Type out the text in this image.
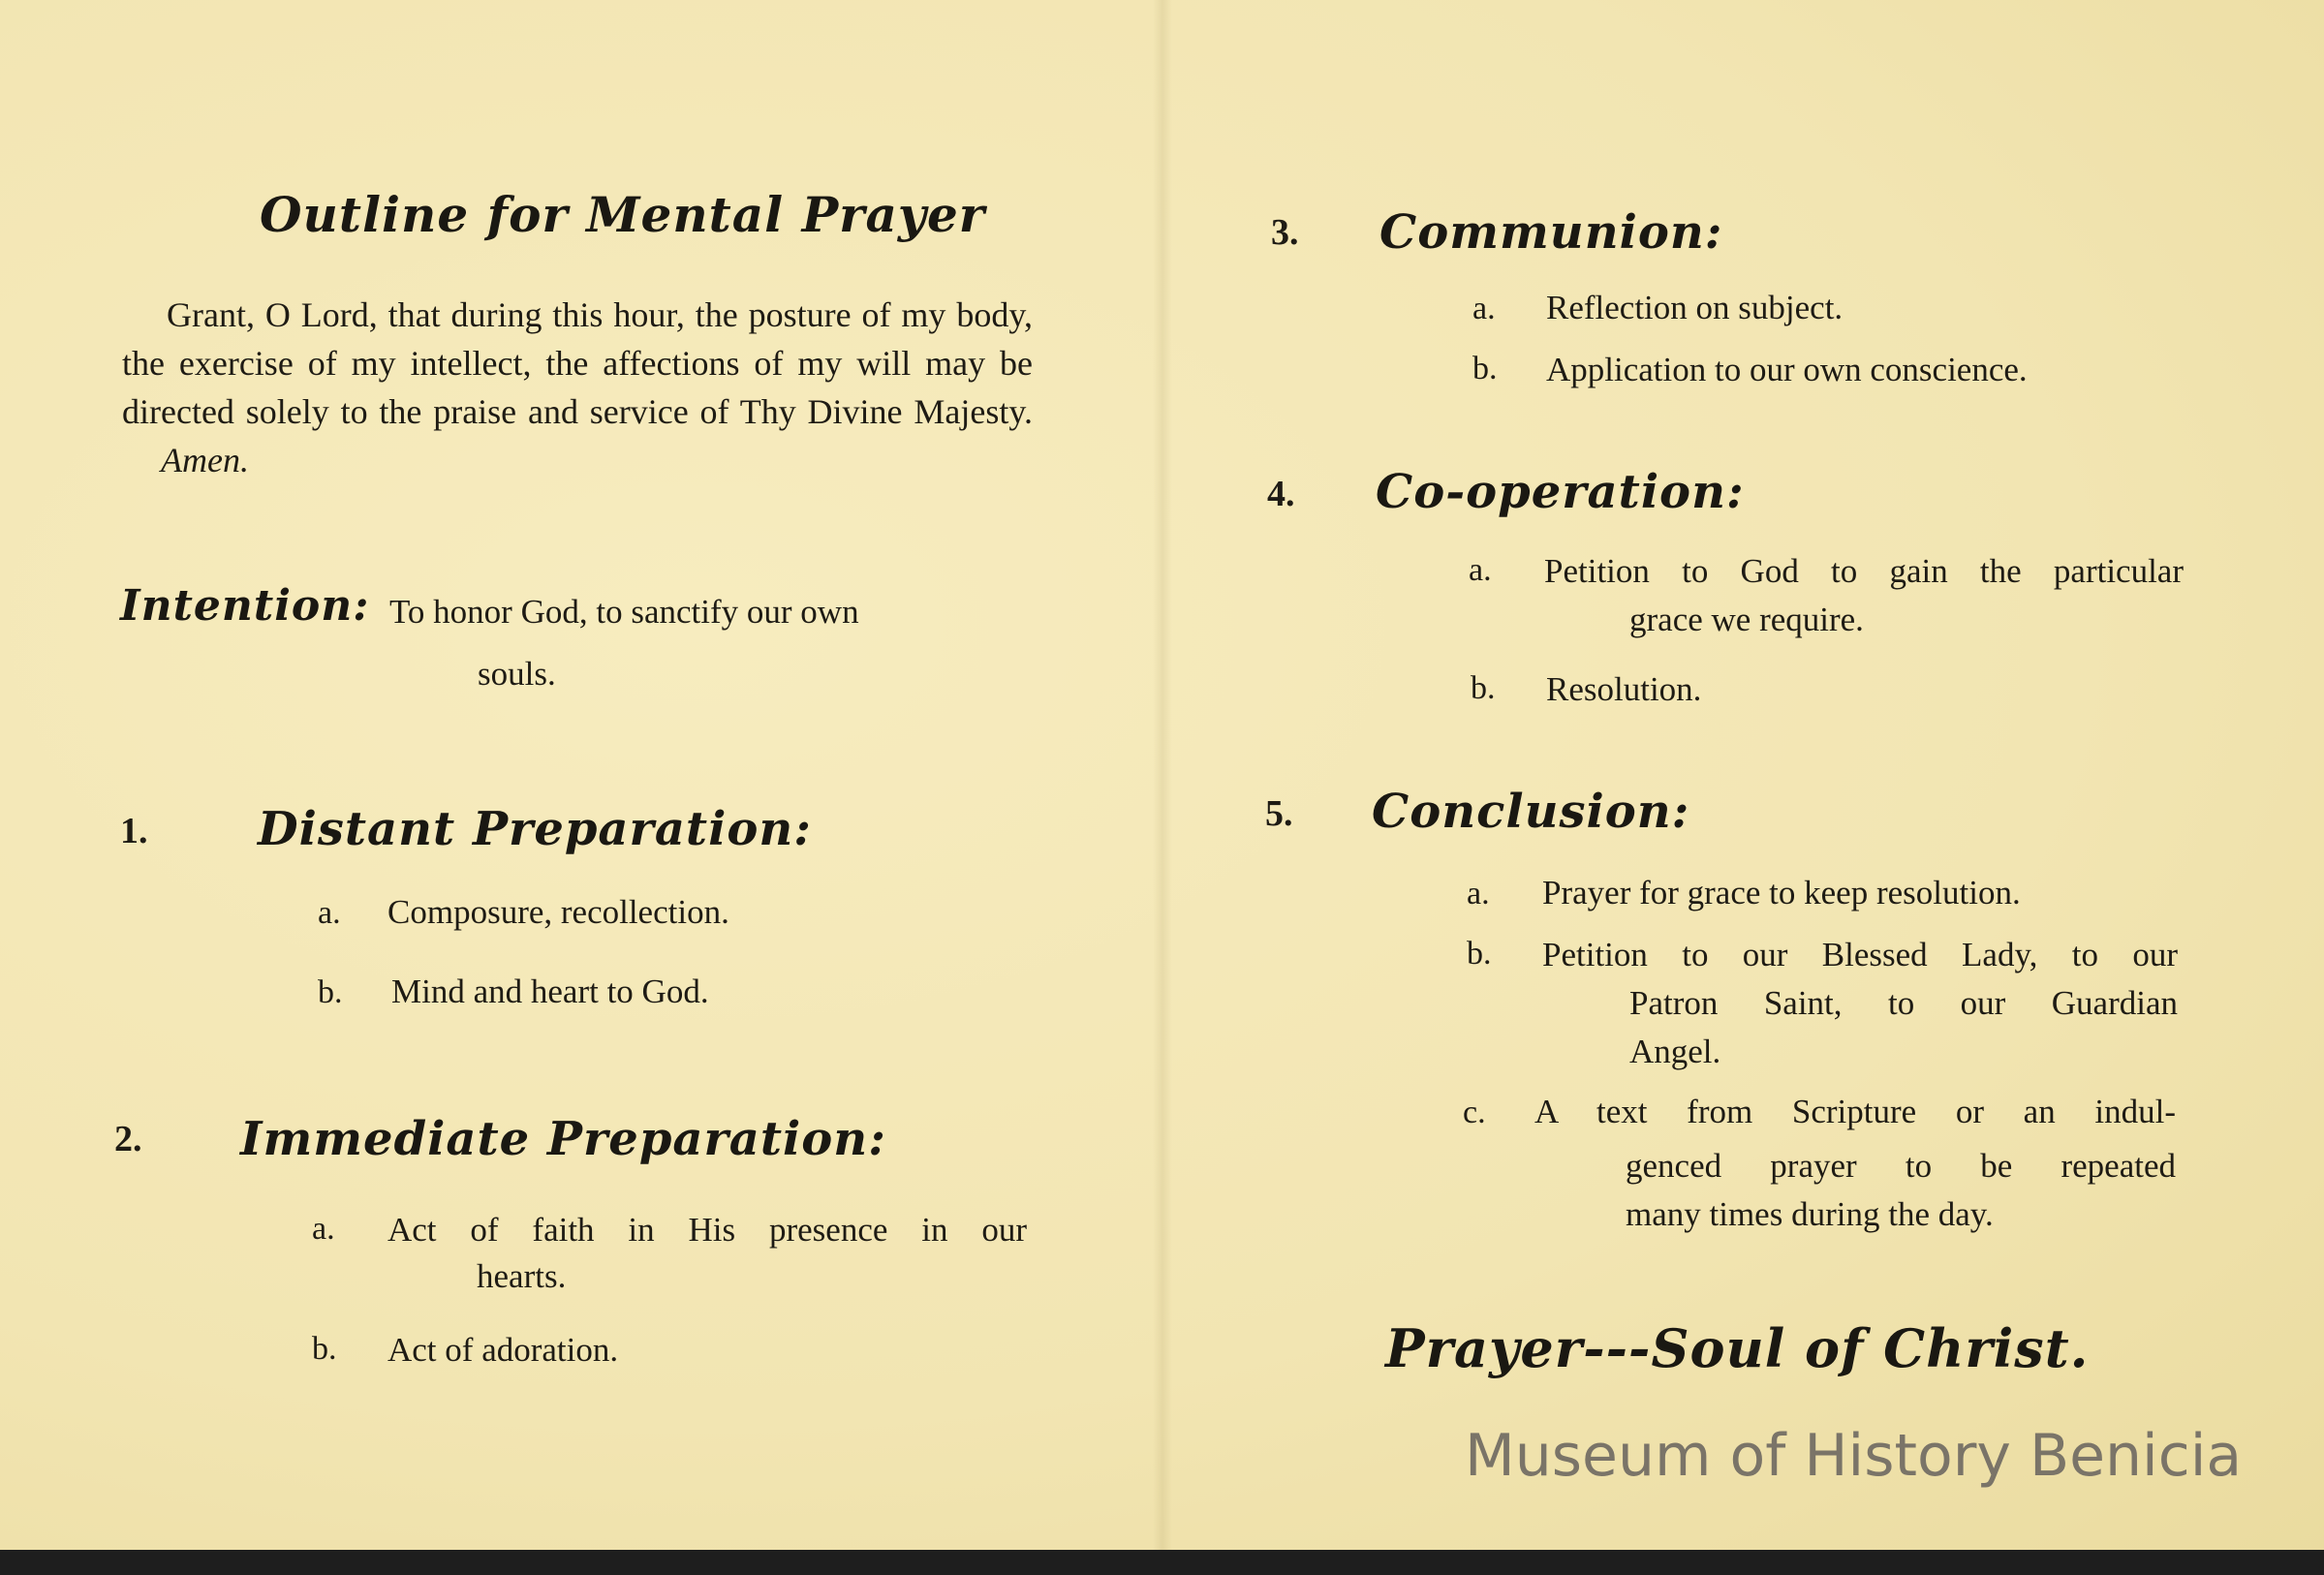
Outline for Mental Prayer
Grant, O Lord, that during this hour, the posture of my body, the exercise of my intellect, the affections of my will may be directed solely to the praise and service of Thy Divine Majesty. Amen.
Intention: To honor God, to sanctify our own
souls.
1. Distant Preparation:
a. Composure, recollection.
b. Mind and heart to God.
2. Immediate Preparation:
a. Act of faith in His presence in our
hearts.
b. Act of adoration.
3. Communion:
a. Reflection on subject.
b. Application to our own conscience.
4. Co-operation:
a. Petition to God to gain the particular
grace we require.
b. Resolution.
5. Conclusion:
a. Prayer for grace to keep resolution.
b. Petition to our Blessed Lady, to our
Patron Saint, to our Guardian
Angel.
c. A text from Scripture or an indul-
genced prayer to be repeated
many times during the day.
Prayer---Soul of Christ.
Museum of History Benicia
